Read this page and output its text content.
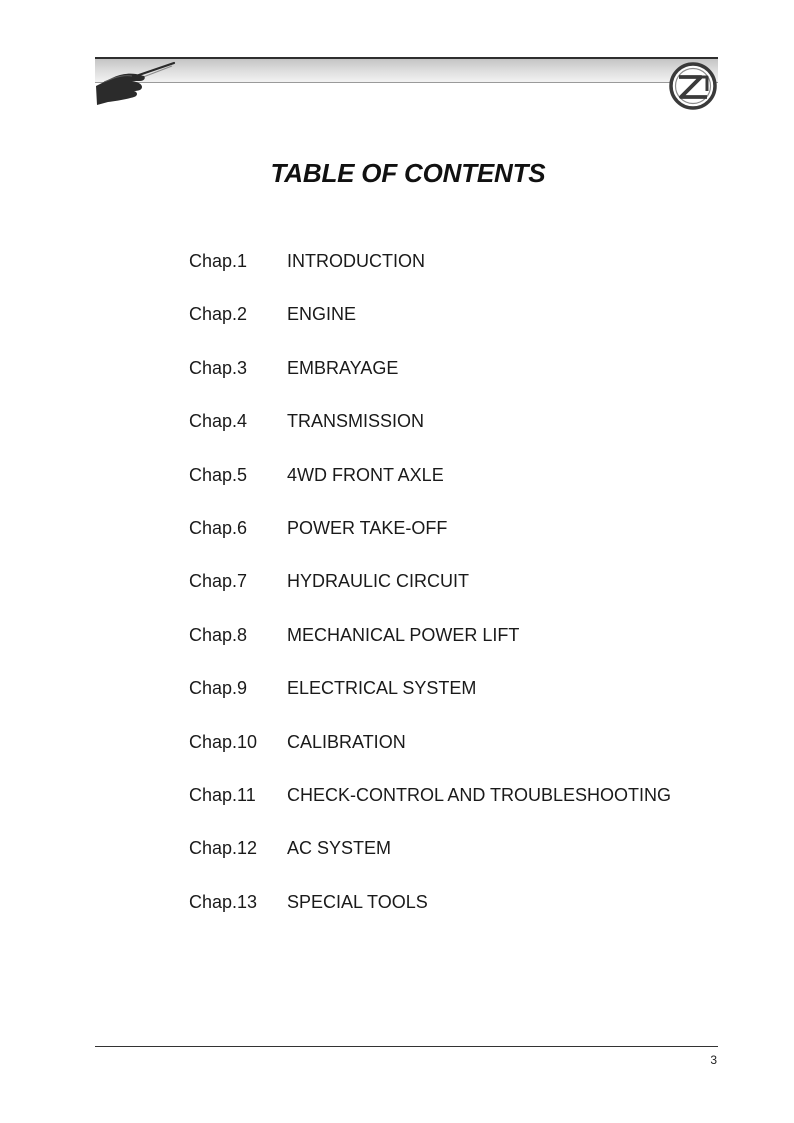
TABLE OF CONTENTS
Chap.1	INTRODUCTION
Chap.2	ENGINE
Chap.3	EMBRAYAGE
Chap.4	TRANSMISSION
Chap.5	4WD FRONT AXLE
Chap.6	POWER TAKE-OFF
Chap.7	HYDRAULIC CIRCUIT
Chap.8	MECHANICAL POWER LIFT
Chap.9	ELECTRICAL SYSTEM
Chap.10	CALIBRATION
Chap.11	CHECK-CONTROL AND TROUBLESHOOTING
Chap.12	AC SYSTEM
Chap.13	SPECIAL TOOLS
3
